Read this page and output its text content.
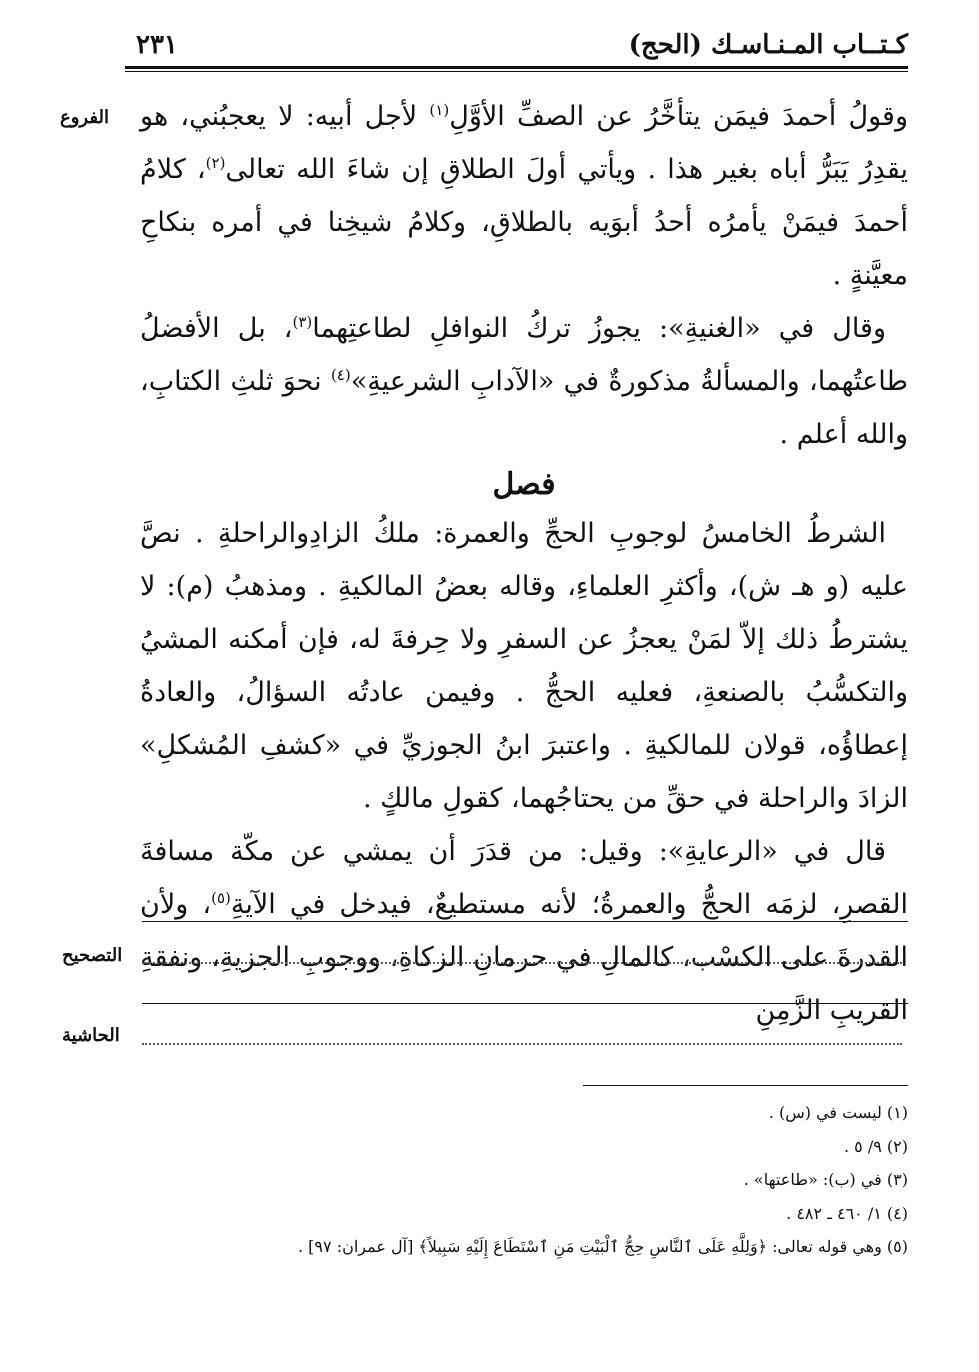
كـتــاب المـنـاسـك (الحج)
٢٣١
الفروع	وقولُ أحمدَ فيمَن يتأخَّرُ عن الصفِّ الأوَّلِ$^{(١)}$ لأجل أبيه: لا يعجبُني، هو يقدِرُ يَبَرُّ أباه بغير هذا . ويأتي أولَ الطلاقِ إن شاءَ الله تعالى$^{(٢)}$، كلامُ أحمدَ فيمَنْ يأمرُه أحدُ أبوَيه بالطلاقِ، وكلامُ شيخِنا في أمره بنكاحِ معيَّنةٍ .

وقال في «الغنيةِ»: يجوزُ تركُ النوافلِ لطاعتِهما$^{(٣)}$، بل الأفضلُ طاعتُهما، والمسألةُ مذكورةٌ في «الآدابِ الشرعيةِ»$^{(٤)}$ نحوَ ثلثِ الكتابِ، والله أعلم .

فصل

الشرطُ الخامسُ لوجوبِ الحجِّ والعمرة: ملكُ الزادِوالراحلةِ . نصَّ عليه (و هـ ش)، وأكثرِ العلماءِ، وقاله بعضُ المالكيةِ . ومذهبُ (م): لا يشترطُ ذلك إلاّ لمَنْ يعجزُ عن السفرِ ولا حِرفةَ له، فإن أمكنه المشيُ والتكسُّبُ بالصنعةِ، فعليه الحجُّ . وفيمن عادتُه السؤالُ، والعادةُ إعطاؤُه، قولان للمالكيةِ . واعتبرَ ابنُ الجوزيِّ في «كشفِ المُشكلِ» الزادَ والراحلة في حقِّ من يحتاجُهما، كقولِ مالكٍ .

قال في «الرعايةِ»: وقيل: من قدَرَ أن يمشي عن مكّة مسافةَ القصرِ، لزمَه الحجُّ والعمرةُ؛ لأنه مستطيعٌ، فيدخل في الآيةِ$^{(٥)}$، ولأن القدرةَ على الكسْب، كالمالِ في حرمانِ الزكاةِ، ووجوبِ الجزيةِ، ونفقةِ القريبِ الزَّمِنِ

التصحيح
الحاشية
(١) ليست في (س) .
(٢) ٩/ ٥ .
(٣) في (ب): «طاعتها» .
(٤) ١/ ٤٦٠ ـ ٤٨٢ .
(٥) وهي قوله تعالى: ﴿وَلِلَّهِ عَلَى ٱلنَّاسِ حِجُّ ٱلْبَيْتِ مَنِ ٱسْتَطَاعَ إِلَيْهِ سَبِيلاً﴾ [آل عمران: ٩٧] .
